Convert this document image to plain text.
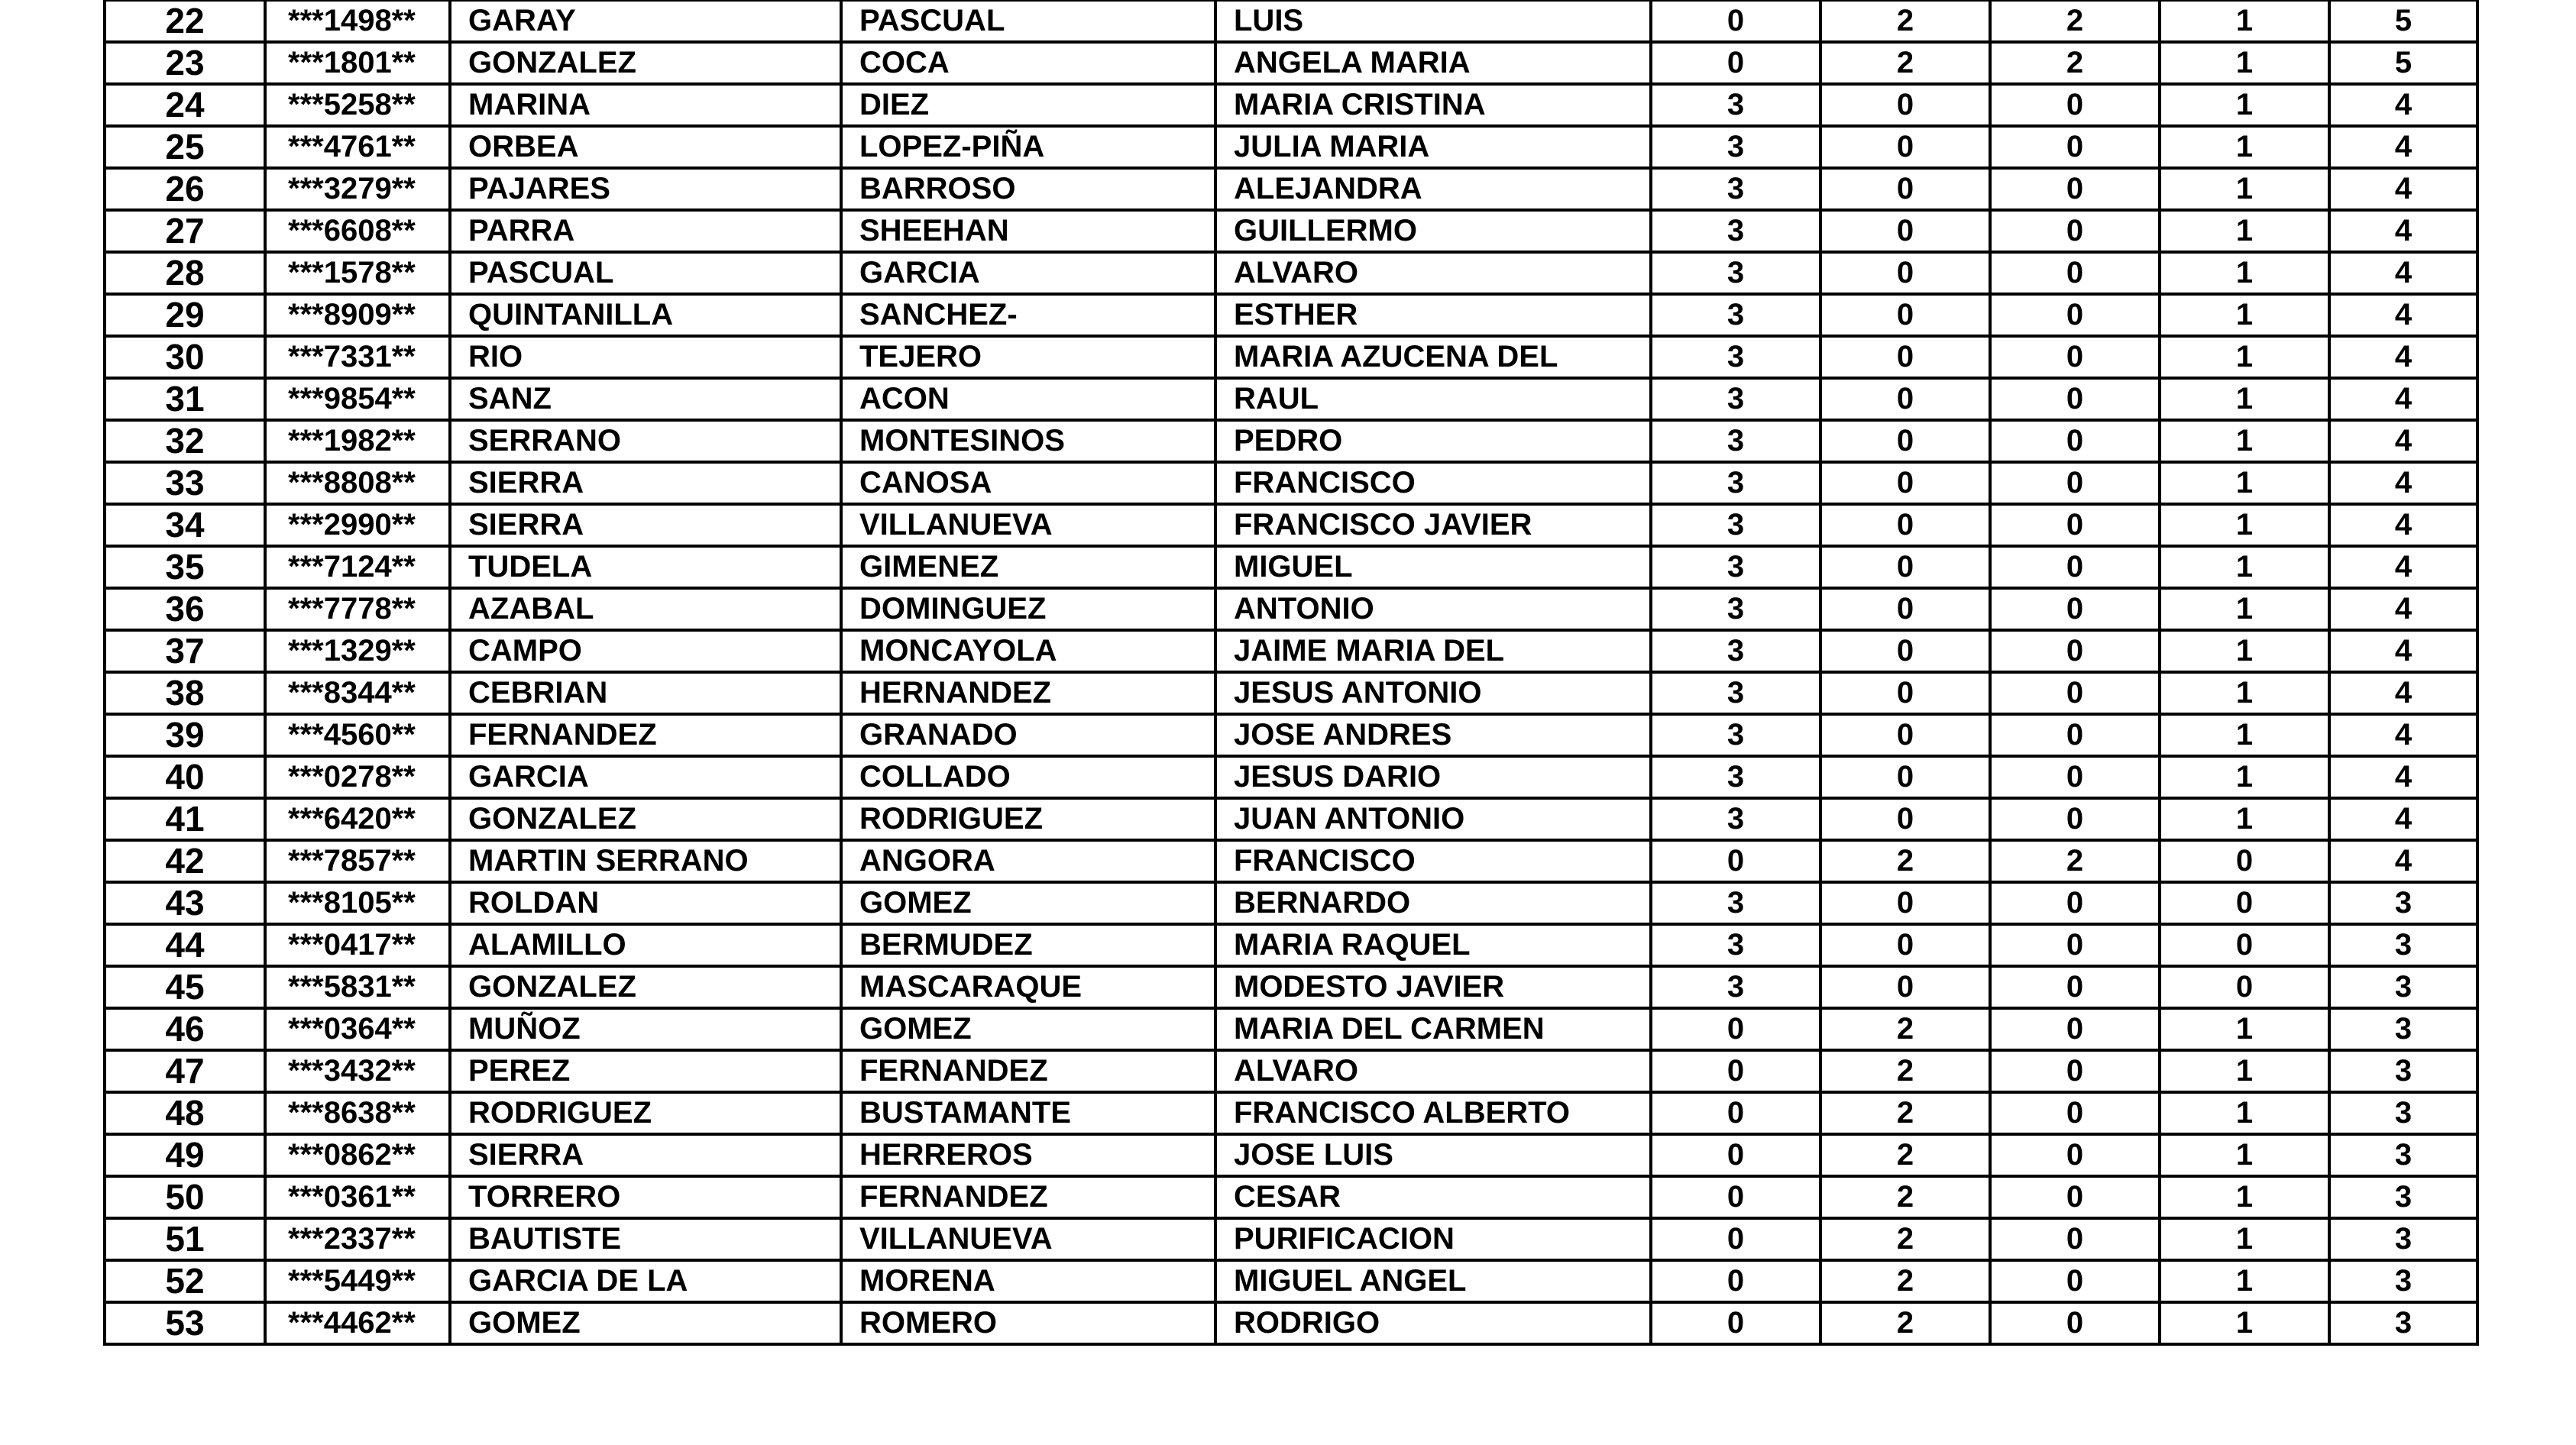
22	***1498**	GARAY	PASCUAL	LUIS	0	2	2	1	5
23	***1801**	GONZALEZ	COCA	ANGELA MARIA	0	2	2	1	5
24	***5258**	MARINA	DIEZ	MARIA CRISTINA	3	0	0	1	4
25	***4761**	ORBEA	LOPEZ-PIÑA	JULIA MARIA	3	0	0	1	4
26	***3279**	PAJARES	BARROSO	ALEJANDRA	3	0	0	1	4
27	***6608**	PARRA	SHEEHAN	GUILLERMO	3	0	0	1	4
28	***1578**	PASCUAL	GARCIA	ALVARO	3	0	0	1	4
29	***8909**	QUINTANILLA	SANCHEZ-	ESTHER	3	0	0	1	4
30	***7331**	RIO	TEJERO	MARIA AZUCENA DEL	3	0	0	1	4
31	***9854**	SANZ	ACON	RAUL	3	0	0	1	4
32	***1982**	SERRANO	MONTESINOS	PEDRO	3	0	0	1	4
33	***8808**	SIERRA	CANOSA	FRANCISCO	3	0	0	1	4
34	***2990**	SIERRA	VILLANUEVA	FRANCISCO JAVIER	3	0	0	1	4
35	***7124**	TUDELA	GIMENEZ	MIGUEL	3	0	0	1	4
36	***7778**	AZABAL	DOMINGUEZ	ANTONIO	3	0	0	1	4
37	***1329**	CAMPO	MONCAYOLA	JAIME MARIA DEL	3	0	0	1	4
38	***8344**	CEBRIAN	HERNANDEZ	JESUS ANTONIO	3	0	0	1	4
39	***4560**	FERNANDEZ	GRANADO	JOSE ANDRES	3	0	0	1	4
40	***0278**	GARCIA	COLLADO	JESUS DARIO	3	0	0	1	4
41	***6420**	GONZALEZ	RODRIGUEZ	JUAN ANTONIO	3	0	0	1	4
42	***7857**	MARTIN SERRANO	ANGORA	FRANCISCO	0	2	2	0	4
43	***8105**	ROLDAN	GOMEZ	BERNARDO	3	0	0	0	3
44	***0417**	ALAMILLO	BERMUDEZ	MARIA RAQUEL	3	0	0	0	3
45	***5831**	GONZALEZ	MASCARAQUE	MODESTO JAVIER	3	0	0	0	3
46	***0364**	MUÑOZ	GOMEZ	MARIA DEL CARMEN	0	2	0	1	3
47	***3432**	PEREZ	FERNANDEZ	ALVARO	0	2	0	1	3
48	***8638**	RODRIGUEZ	BUSTAMANTE	FRANCISCO ALBERTO	0	2	0	1	3
49	***0862**	SIERRA	HERREROS	JOSE LUIS	0	2	0	1	3
50	***0361**	TORRERO	FERNANDEZ	CESAR	0	2	0	1	3
51	***2337**	BAUTISTE	VILLANUEVA	PURIFICACION	0	2	0	1	3
52	***5449**	GARCIA DE LA	MORENA	MIGUEL ANGEL	0	2	0	1	3
53	***4462**	GOMEZ	ROMERO	RODRIGO	0	2	0	1	3
